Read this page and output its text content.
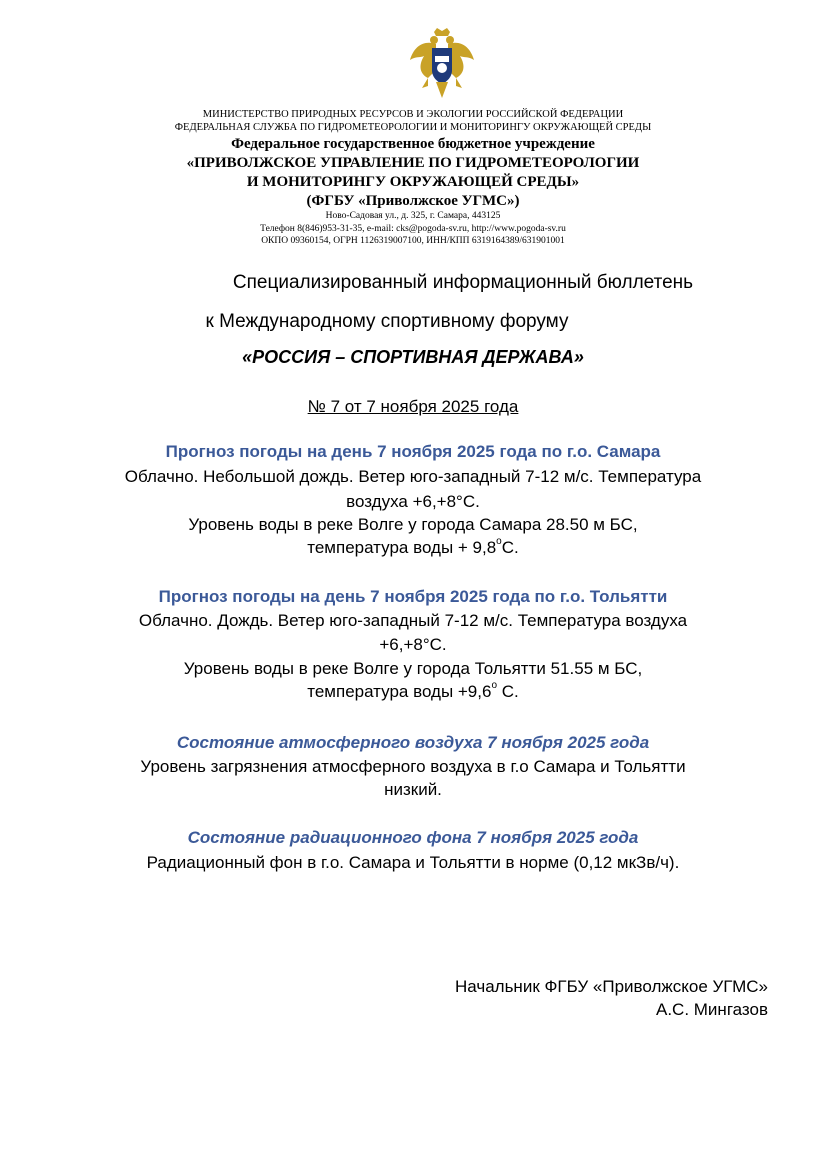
МИНИСТЕРСТВО ПРИРОДНЫХ РЕСУРСОВ И ЭКОЛОГИИ РОССИЙСКОЙ ФЕДЕРАЦИИ
ФЕДЕРАЛЬНАЯ СЛУЖБА ПО ГИДРОМЕТЕОРОЛОГИИ И МОНИТОРИНГУ ОКРУЖАЮЩЕЙ СРЕДЫ
Федеральное государственное бюджетное учреждение
«ПРИВОЛЖСКОЕ УПРАВЛЕНИЕ ПО ГИДРОМЕТЕОРОЛОГИИ
И МОНИТОРИНГУ ОКРУЖАЮЩЕЙ СРЕДЫ»
(ФГБУ «Приволжское УГМС»)
Ново-Садовая ул., д. 325, г. Самара, 443125
Телефон 8(846)953-31-35, e-mail: cks@pogoda-sv.ru, http://www.pogoda-sv.ru
ОКПО 09360154, ОГРН 1126319007100, ИНН/КПП 6319164389/631901001
Специализированный информационный бюллетень
к Международному спортивному форуму
«РОССИЯ – СПОРТИВНАЯ ДЕРЖАВА»
№ 7 от 7 ноября 2025 года
Прогноз погоды на день 7 ноября 2025 года по г.о. Самара
Облачно. Небольшой дождь. Ветер юго-западный 7-12 м/с. Температура
воздуха +6,+8°С.
Уровень воды в реке Волге у города Самара 28.50 м БС,
температура воды + $9,8^оС$.
Прогноз погоды на день 7 ноября 2025 года по г.о. Тольятти
Облачно. Дождь. Ветер юго-западный 7-12 м/с. Температура воздуха
+6,+8°С.
Уровень воды в реке Волге у города Тольятти 51.55 м БС,
температура воды $+9,6^о$ С.
Состояние атмосферного воздуха 7 ноября 2025 года
Уровень загрязнения атмосферного воздуха в г.о Самара и Тольятти
низкий.
Состояние радиационного фона 7 ноября 2025 года
Радиационный фон в г.о. Самара и Тольятти в норме (0,12 мкЗв/ч).
Начальник ФГБУ «Приволжское УГМС»
А.С. Мингазов
